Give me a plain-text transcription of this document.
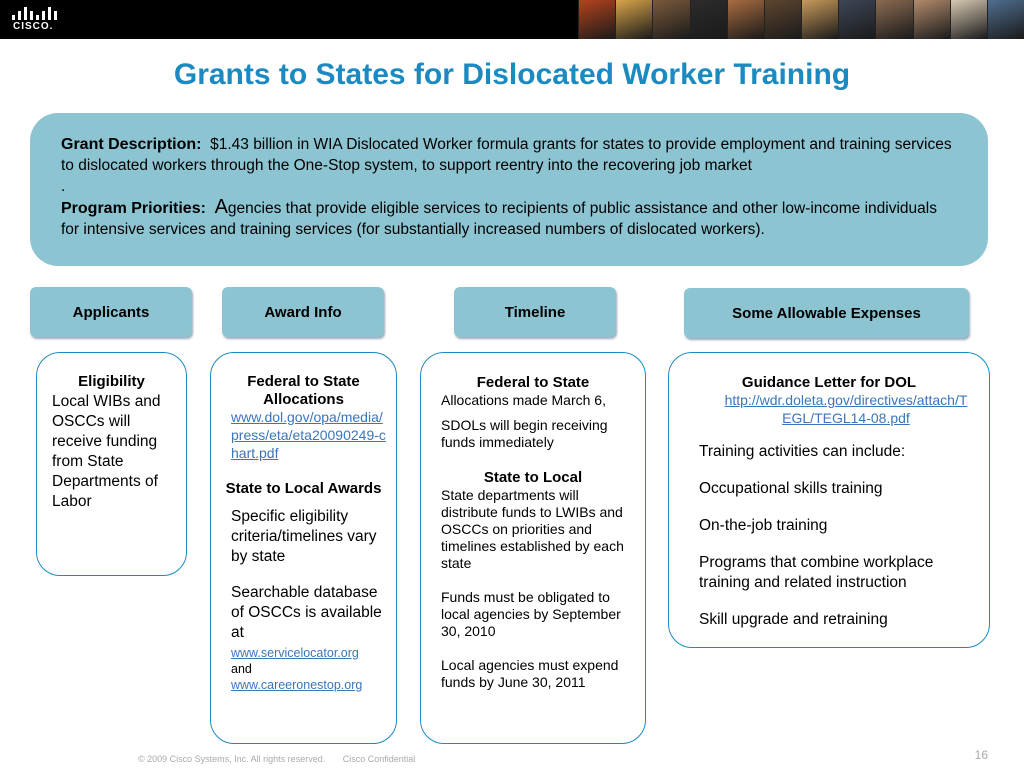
CISCO.
Grants to States for Dislocated Worker Training
Grant Description: $1.43 billion in WIA Dislocated Worker formula grants for states to provide employment and training services to dislocated workers through the One-Stop system, to support reentry into the recovering job market
.
Program Priorities: Agencies that provide eligible services to recipients of public assistance and other low-income individuals for intensive services and training services (for substantially increased numbers of dislocated workers).
Applicants	Award Info	Timeline	Some Allowable Expenses
Eligibility
Local WIBs and OSCCs will receive funding from State Departments of Labor
Federal to State Allocations
www.dol.gov/opa/media/press/eta/eta20090249-chart.pdf
State to Local Awards
Specific eligibility criteria/timelines vary by state
Searchable database of OSCCs is available at
www.servicelocator.org
and
www.careeronestop.org
Federal to State
Allocations made March 6,
SDOLs will begin receiving funds immediately
State to Local
State departments will distribute funds to LWIBs and OSCCs on priorities and timelines established by each state
Funds must be obligated to local agencies by September 30, 2010
Local agencies must expend funds by June 30, 2011
Guidance Letter for DOL
http://wdr.doleta.gov/directives/attach/TEGL/TEGL14-08.pdf
Training activities can include:
Occupational skills training
On-the-job training
Programs that combine workplace training and related instruction
Skill upgrade and retraining
© 2009 Cisco Systems, Inc. All rights reserved. Cisco Confidential	16
